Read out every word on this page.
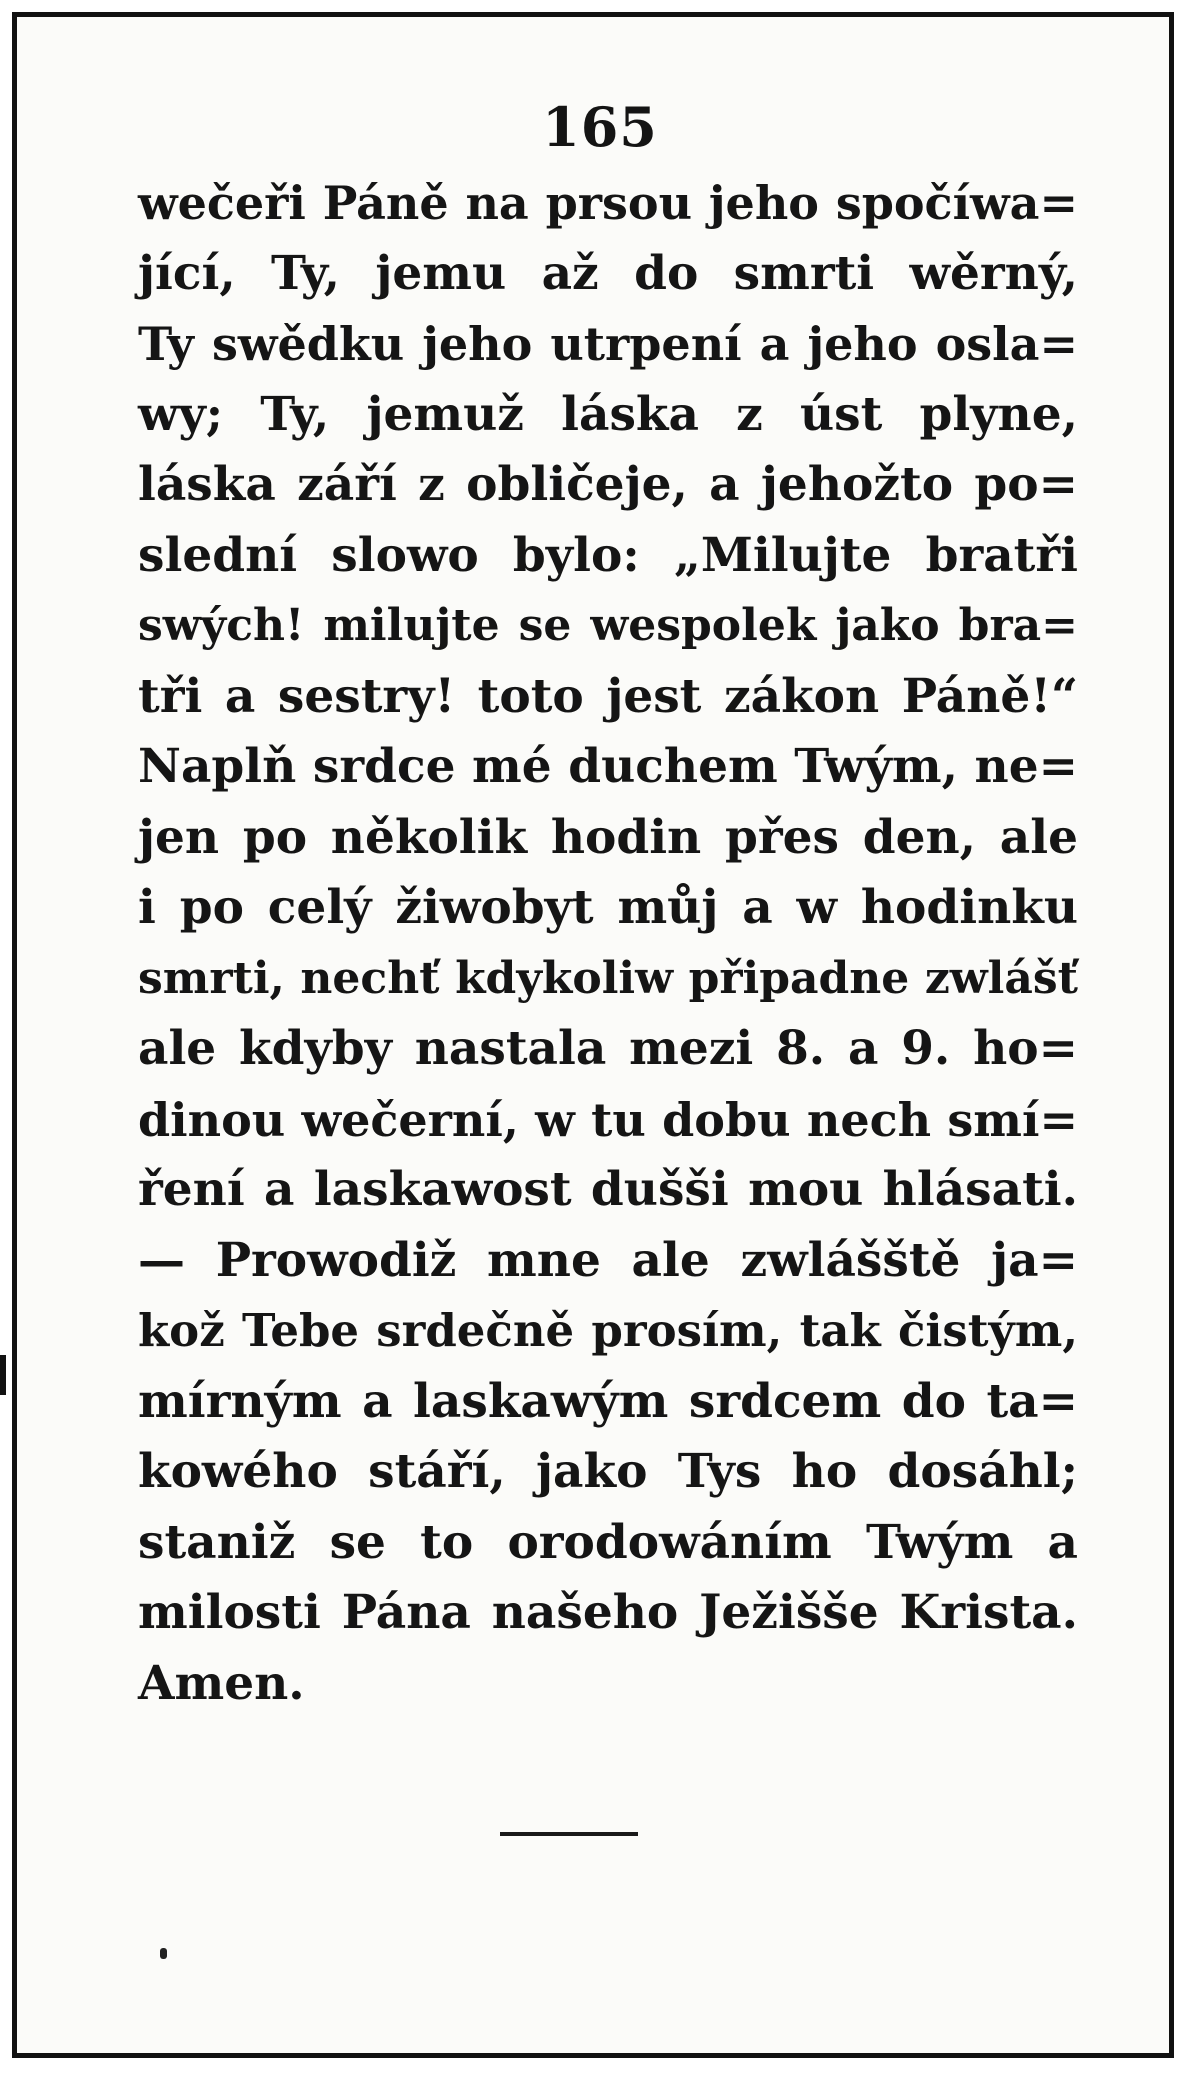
165
wečeři Páně na prsou jeho spočíwa=
jící, Ty, jemu až do smrti wěrný,
Ty swědku jeho utrpení a jeho osla=
wy; Ty, jemuž láska z úst plyne,
láska září z obličeje, a jehožto po=
slední slowo bylo: „Milujte bratři
swých! milujte se wespolek jako bra=
tři a sestry! toto jest zákon Páně!“
Naplň srdce mé duchem Twým, ne=
jen po několik hodin přes den, ale
i po celý žiwobyt můj a w hodinku
smrti, nechť kdykoliw připadne zwlášť
ale kdyby nastala mezi 8. a 9. ho=
dinou wečerní, w tu dobu nech smí=
ření a laskawost dušši mou hlásati.
— Prowodiž mne ale zwlášště ja=
kož Tebe srdečně prosím, tak čistým,
mírným a laskawým srdcem do ta=
kowého stáří, jako Tys ho dosáhl;
staniž se to orodowáním Twým a
milosti Pána našeho Ježišše Krista.
Amen.
